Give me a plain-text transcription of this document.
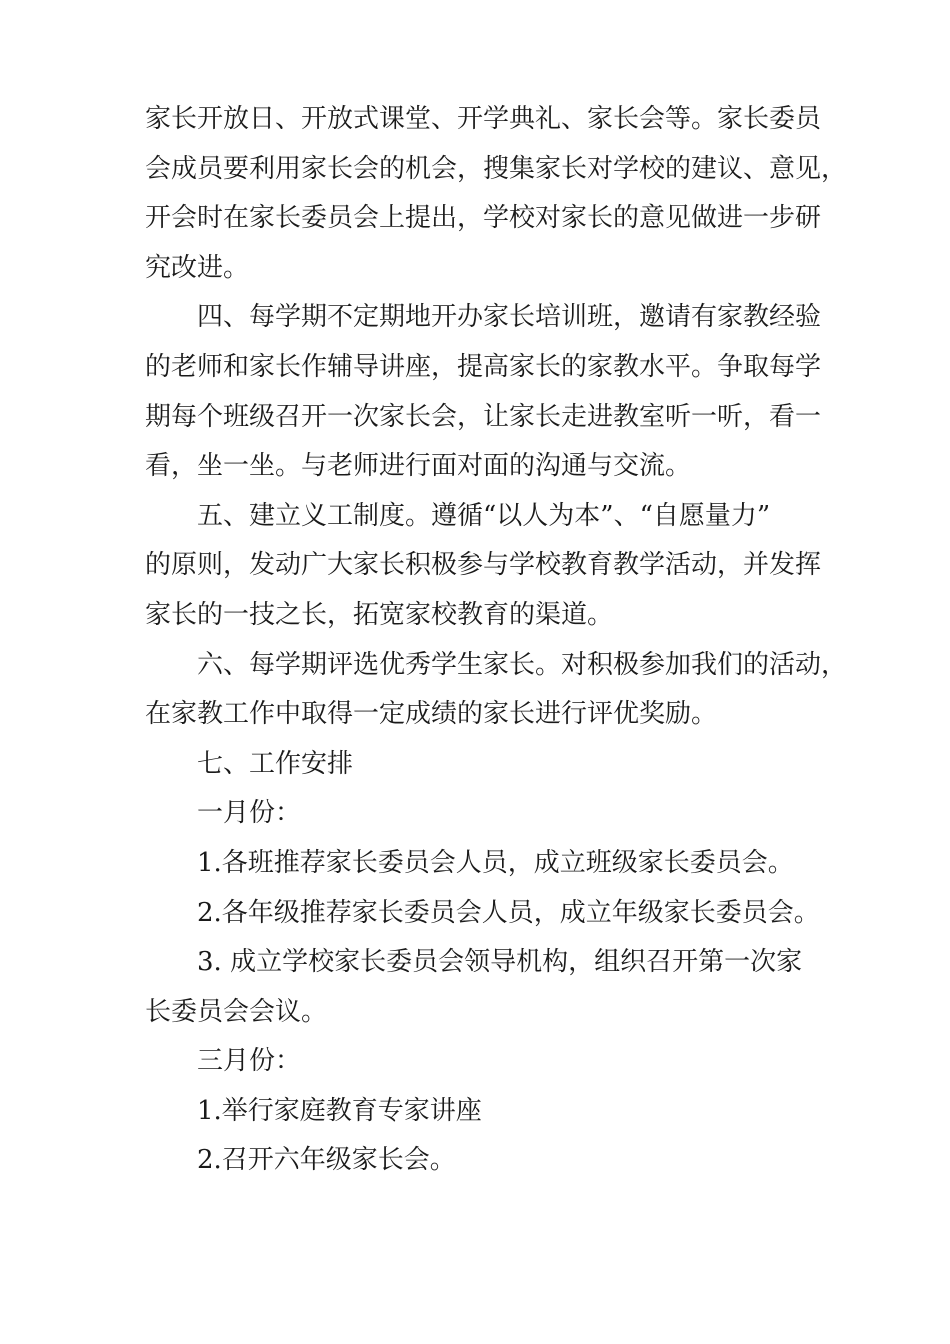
家长开放日、开放式课堂、开学典礼、家长会等。家长委员
会成员要利用家长会的机会，搜集家长对学校的建议、意见，
开会时在家长委员会上提出，学校对家长的意见做进一步研
究改进。
四、每学期不定期地开办家长培训班，邀请有家教经验
的老师和家长作辅导讲座，提高家长的家教水平。争取每学
期每个班级召开一次家长会，让家长走进教室听一听，看一
看，坐一坐。与老师进行面对面的沟通与交流。
五、建立义工制度。遵循“以人为本”、“自愿量力”
的原则，发动广大家长积极参与学校教育教学活动，并发挥
家长的一技之长，拓宽家校教育的渠道。
六、每学期评选优秀学生家长。对积极参加我们的活动，
在家教工作中取得一定成绩的家长进行评优奖励。
七、工作安排
一月份：
1.各班推荐家长委员会人员，成立班级家长委员会。
2.各年级推荐家长委员会人员，成立年级家长委员会。
3. 成立学校家长委员会领导机构，组织召开第一次家
长委员会会议。
三月份：
1.举行家庭教育专家讲座
2.召开六年级家长会。
